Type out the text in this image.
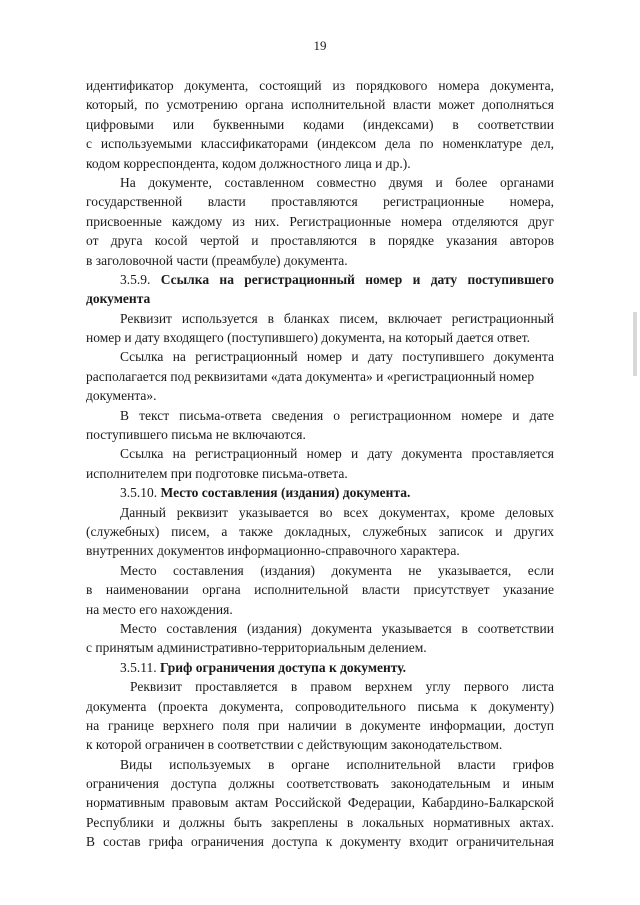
19
идентификатор документа, состоящий из порядкового номера документа,
который, по усмотрению органа исполнительной власти может дополняться
цифровыми или буквенными кодами (индексами) в соответствии
с используемыми классификаторами (индексом дела по номенклатуре дел,
кодом корреспондента, кодом должностного лица и др.).
На документе, составленном совместно двумя и более органами
государственной власти проставляются регистрационные номера,
присвоенные каждому из них. Регистрационные номера отделяются друг
от друга косой чертой и проставляются в порядке указания авторов
в заголовочной части (преамбуле) документа.
3.5.9. Ссылка на регистрационный номер и дату поступившего
документа
Реквизит используется в бланках писем, включает регистрационный
номер и дату входящего (поступившего) документа, на который дается ответ.
Ссылка на регистрационный номер и дату поступившего документа
располагается под реквизитами «дата документа» и «регистрационный номер
документа».
В текст письма-ответа сведения о регистрационном номере и дате
поступившего письма не включаются.
Ссылка на регистрационный номер и дату документа проставляется
исполнителем при подготовке письма-ответа.
3.5.10. Место составления (издания) документа.
Данный реквизит указывается во всех документах, кроме деловых
(служебных) писем, а также докладных, служебных записок и других
внутренних документов информационно-справочного характера.
Место составления (издания) документа не указывается, если
в наименовании органа исполнительной власти присутствует указание
на место его нахождения.
Место составления (издания) документа указывается в соответствии
с принятым административно-территориальным делением.
3.5.11. Гриф ограничения доступа к документу.
Реквизит проставляется в правом верхнем углу первого листа
документа (проекта документа, сопроводительного письма к документу)
на границе верхнего поля при наличии в документе информации, доступ
к которой ограничен в соответствии с действующим законодательством.
Виды используемых в органе исполнительной власти грифов
ограничения доступа должны соответствовать законодательным и иным
нормативным правовым актам Российской Федерации, Кабардино-Балкарской
Республики и должны быть закреплены в локальных нормативных актах.
В состав грифа ограничения доступа к документу входит ограничительная
